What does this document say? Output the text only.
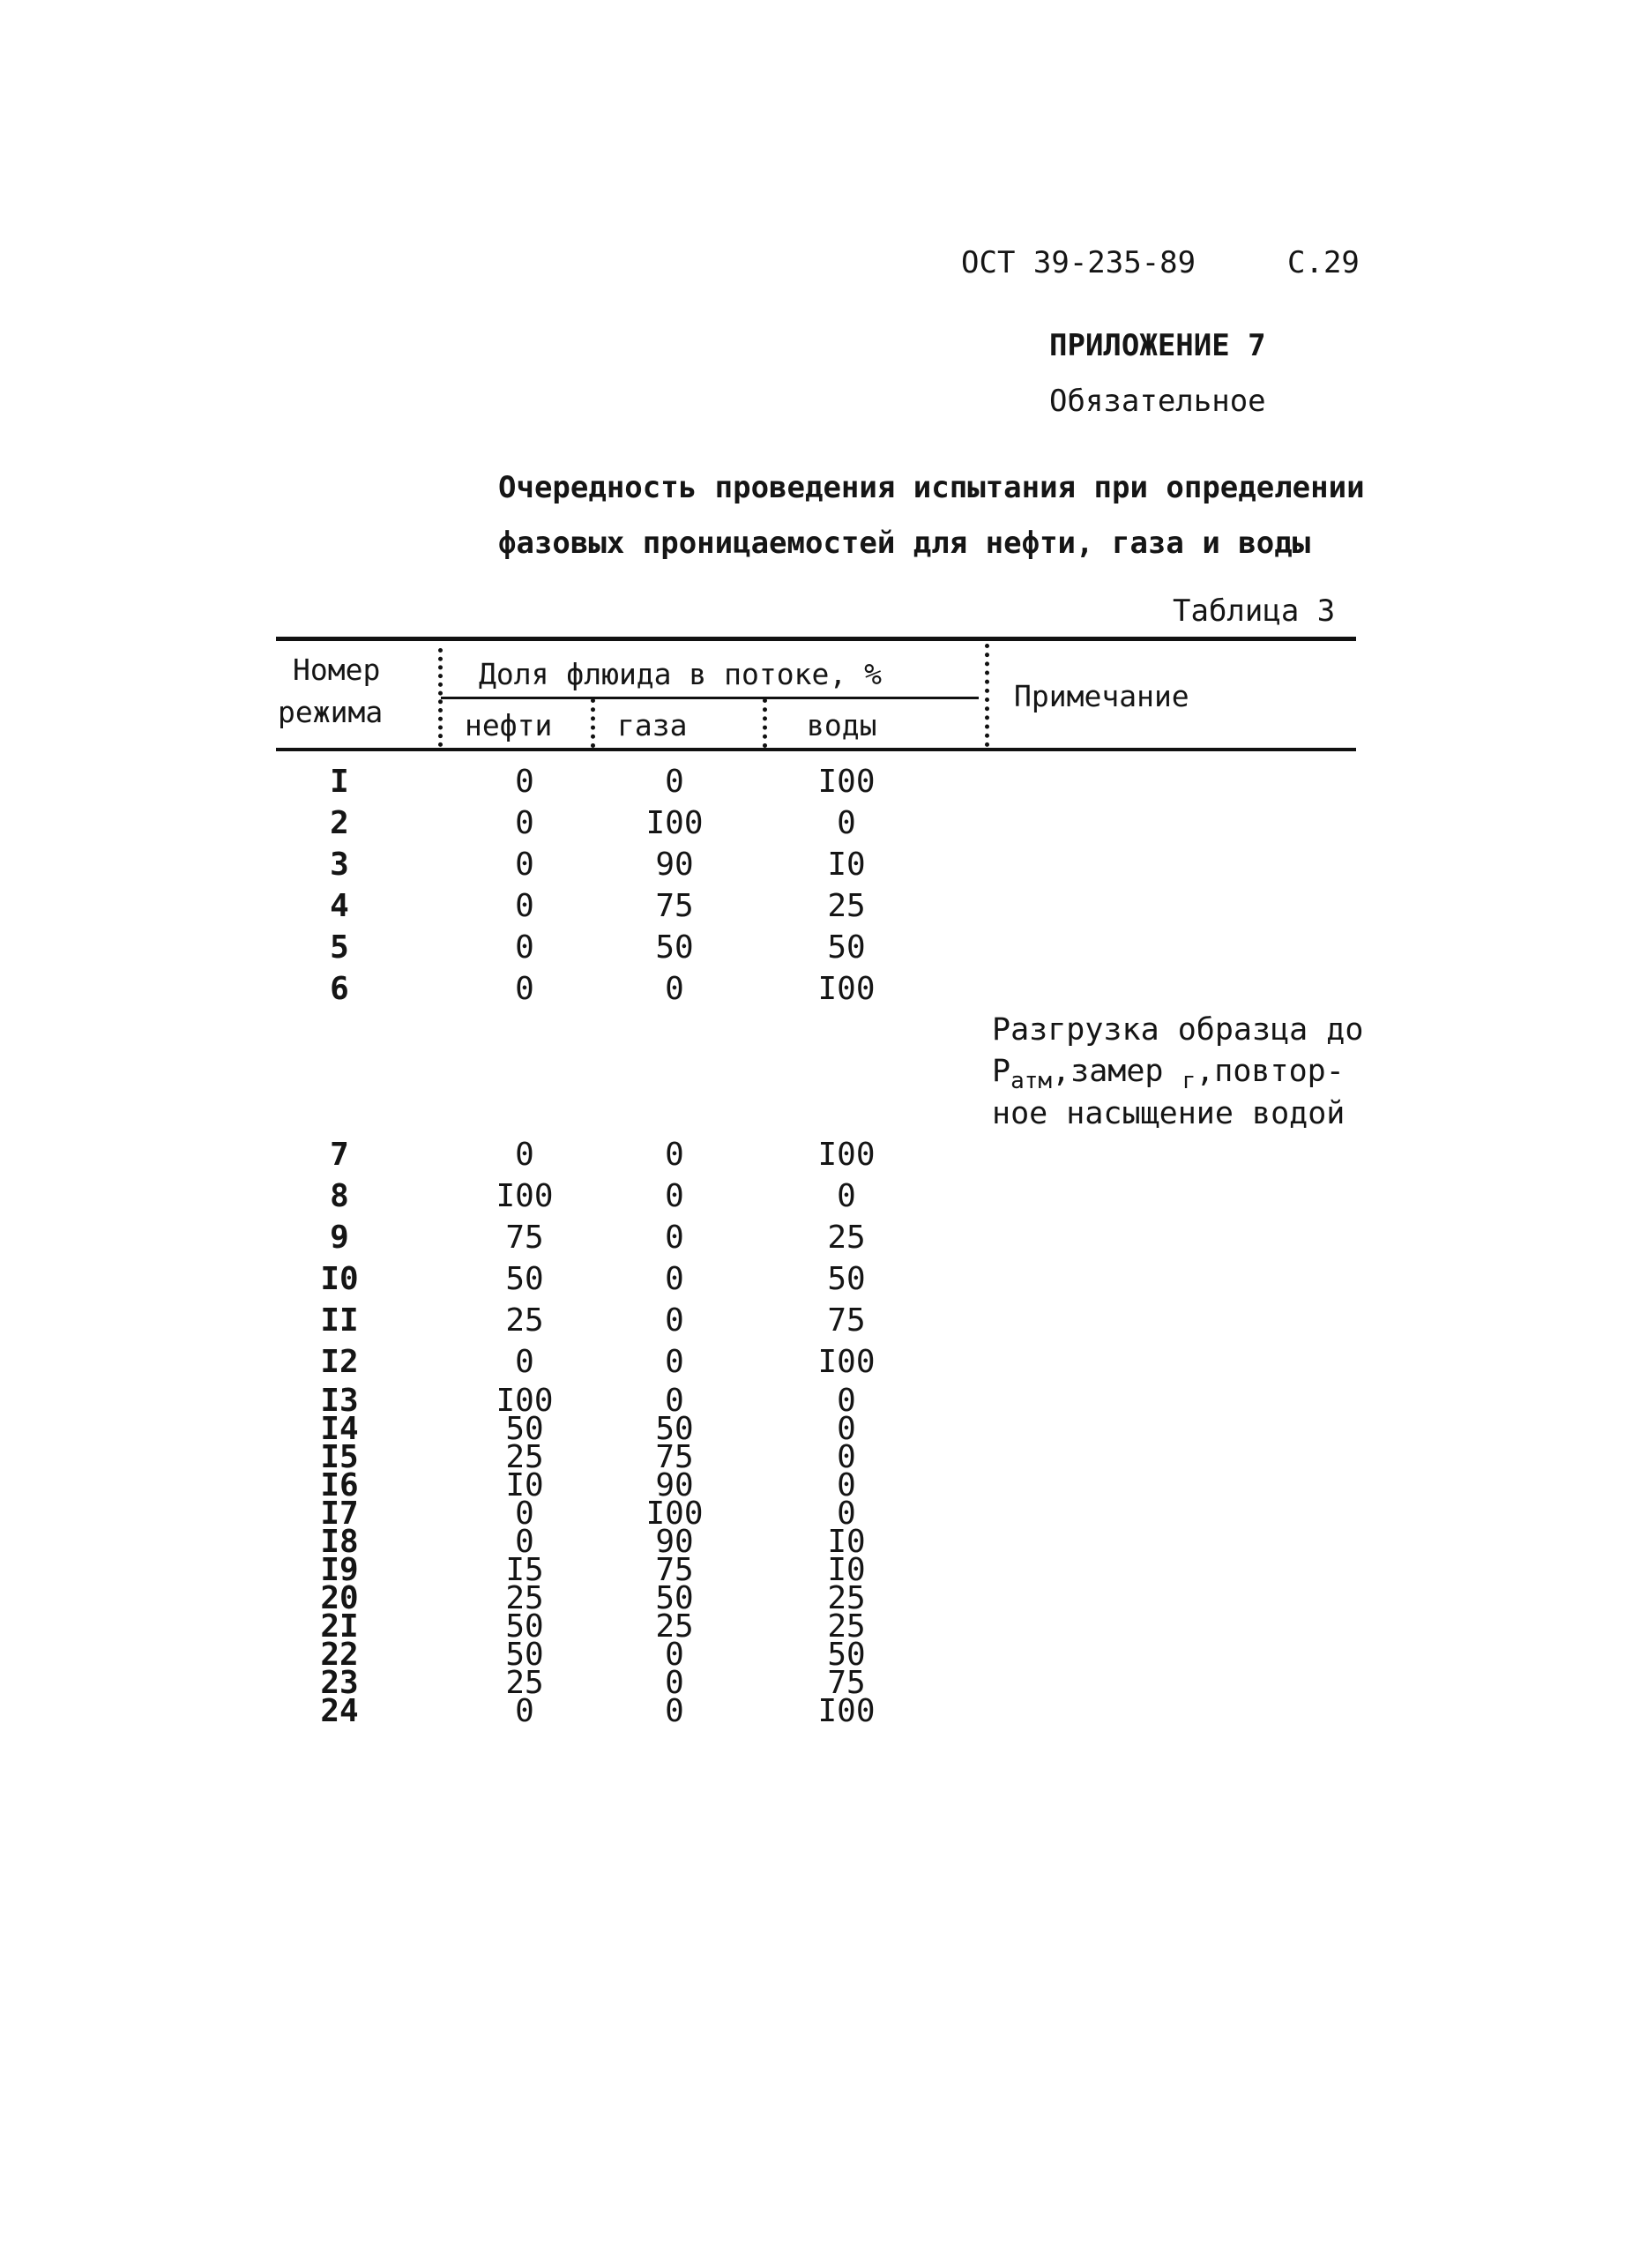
ОСТ 39-235-89	С.29
ПРИЛОЖЕНИЕ 7
Обязательное
Очередность проведения испытания при определении
фазовых проницаемостей для нефти, газа и воды
Таблица 3
Номер
режима
Доля флюида в потоке, %
нефти газа	воды
Примечание
I	0	0	I00
2	0	I00	0
3	0	90	I0
4	0	75	25
5	0	50	50
6	0	0	I00
Разгрузка образца до
$P_{атм},замер$ $_г$,повтор-
ное насыщение водой
7	0	0	I00
8	I00	0	0
9	75	0	25
I0	50	0	50
II	25	0	75
I2	0	0	I00
I3	I00	0	0
I4	50	50	0
I5	25	75	0
I6	I0	90	0
I7	0	I00	0
I8	0	90	I0
I9	I5	75	I0
20	25	50	25
2I	50	25	25
22	50	0	50
23	25	0	75
24	0	0	I00
